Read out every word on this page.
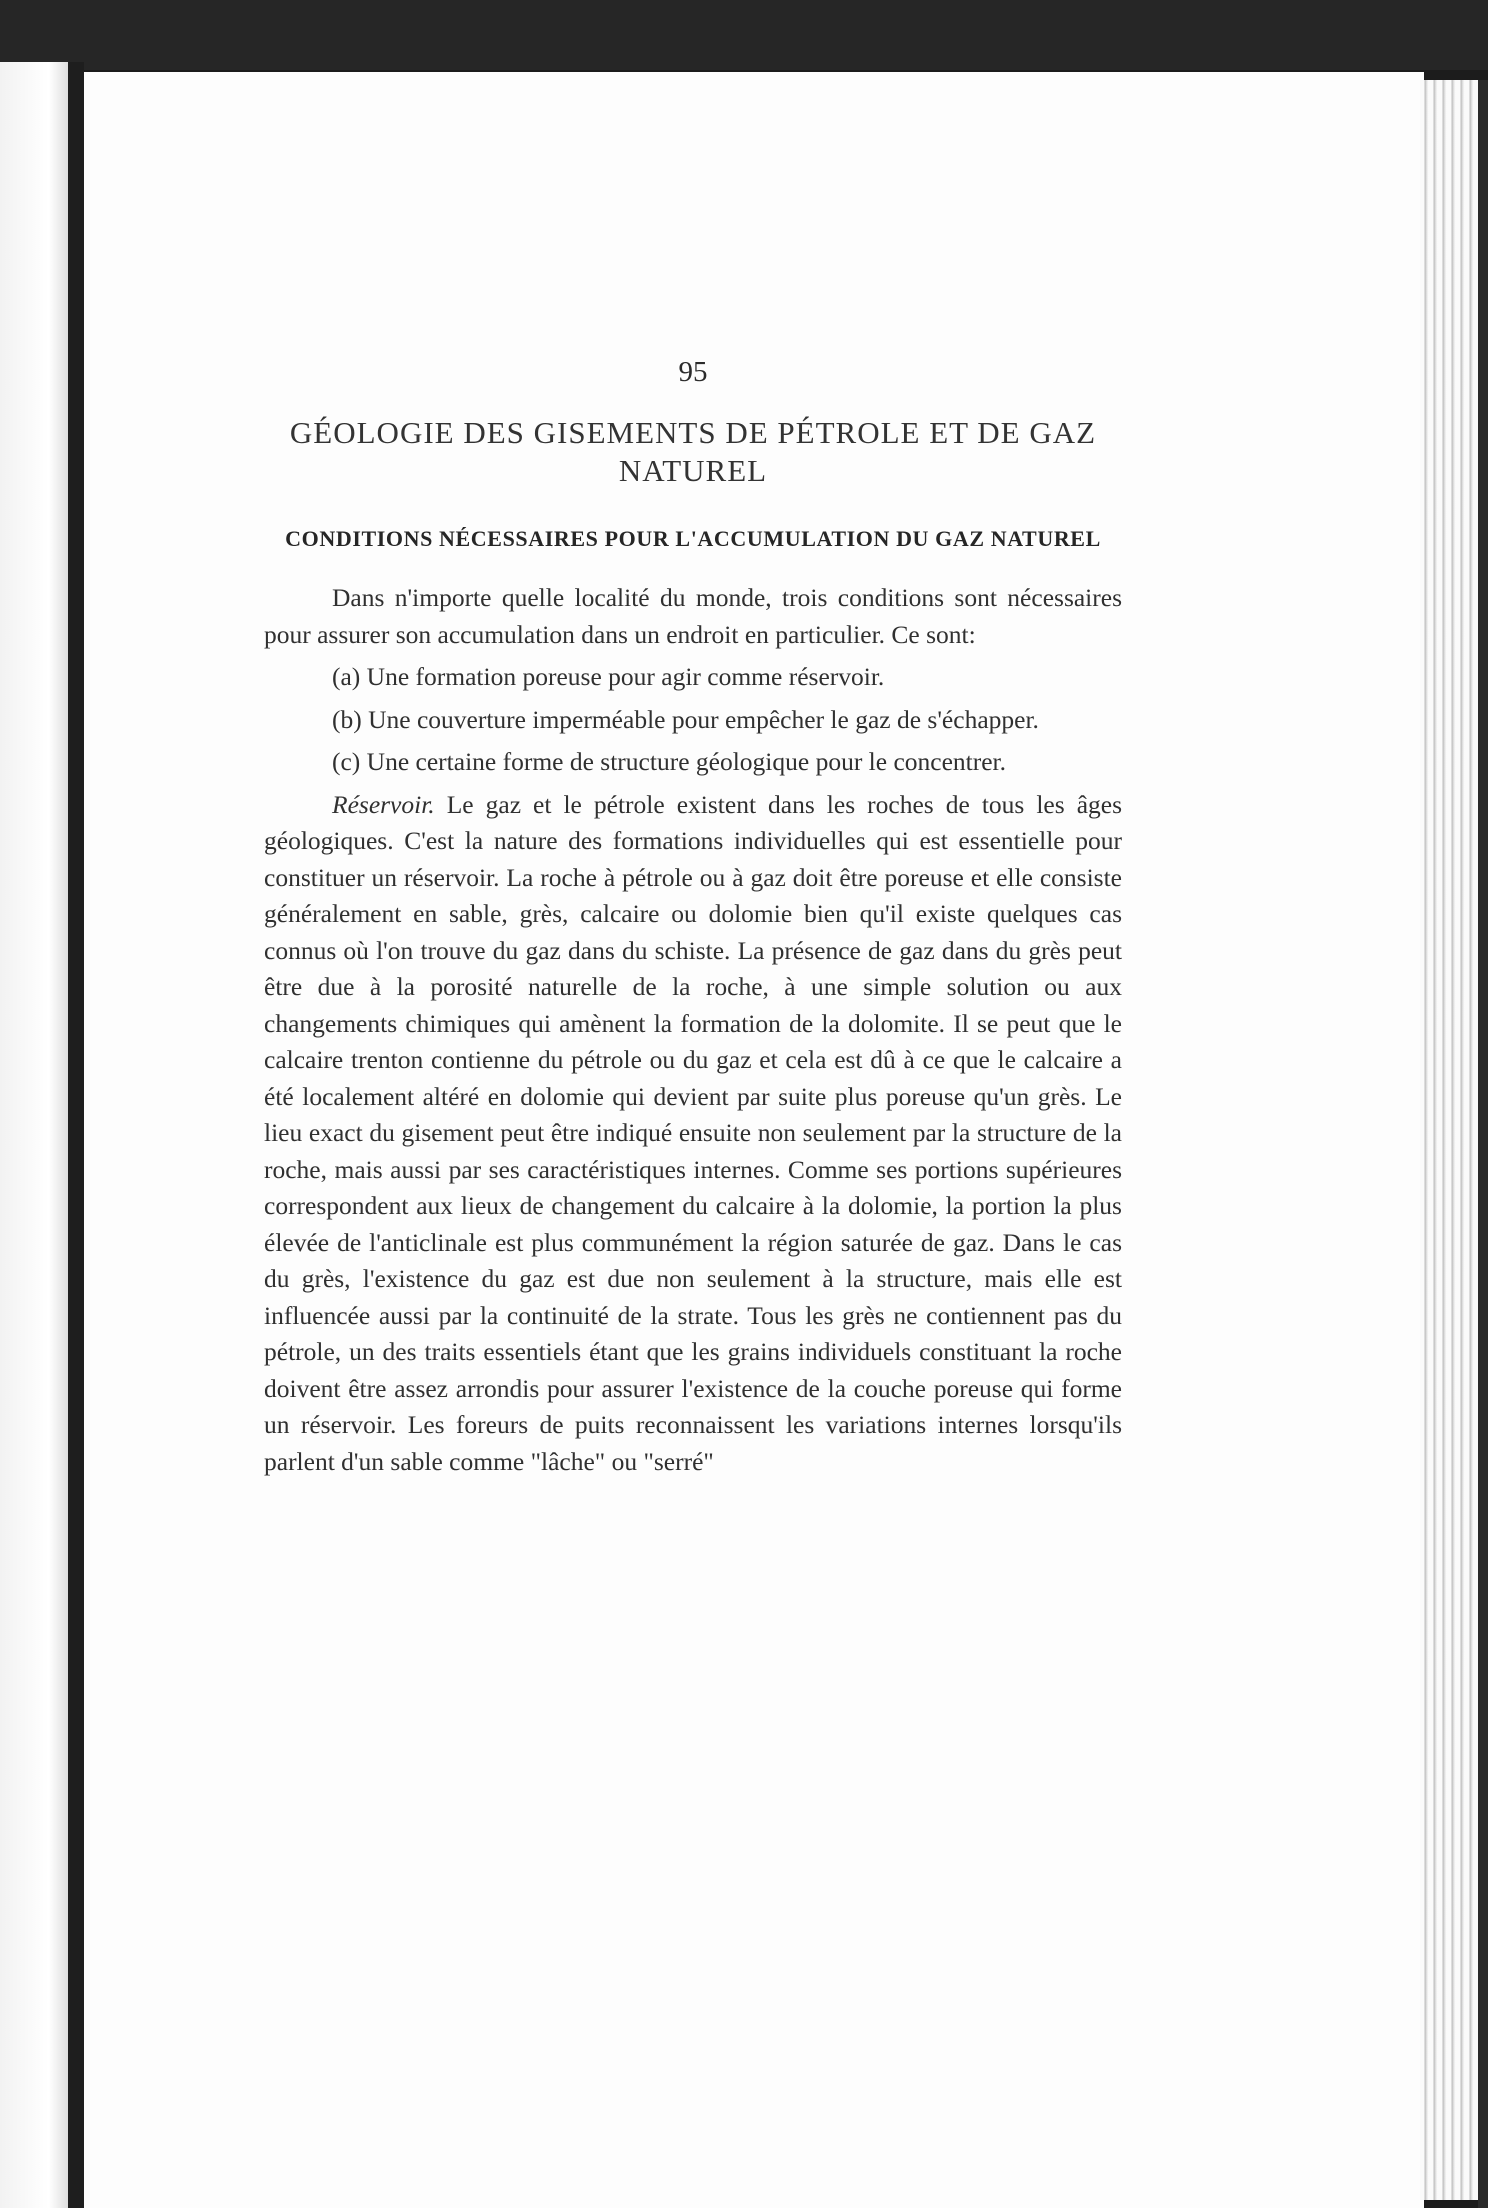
95

GÉOLOGIE DES GISEMENTS DE PÉTROLE ET DE GAZ NATUREL
CONDITIONS NÉCESSAIRES POUR L'ACCUMULATION DU GAZ NATUREL

Dans n'importe quelle localité du monde, trois conditions sont nécessaires pour assurer son accumulation dans un endroit en particulier. Ce sont:

(a) Une formation poreuse pour agir comme réservoir.

(b) Une couverture imperméable pour empêcher le gaz de s'échapper.

(c) Une certaine forme de structure géologique pour le concentrer.

Réservoir. Le gaz et le pétrole existent dans les roches de tous les âges géologiques. C'est la nature des formations individuelles qui est essentielle pour constituer un réservoir. La roche à pétrole ou à gaz doit être poreuse et elle consiste généralement en sable, grès, calcaire ou dolomie bien qu'il existe quelques cas connus où l'on trouve du gaz dans du schiste. La présence de gaz dans du grès peut être due à la porosité naturelle de la roche, à une simple solution ou aux changements chimiques qui amènent la formation de la dolomite. Il se peut que le calcaire trenton contienne du pétrole ou du gaz et cela est dû à ce que le calcaire a été localement altéré en dolomie qui devient par suite plus poreuse qu'un grès. Le lieu exact du gisement peut être indiqué ensuite non seulement par la structure de la roche, mais aussi par ses caractéristiques internes. Comme ses portions supérieures correspondent aux lieux de changement du calcaire à la dolomie, la portion la plus élevée de l'anticlinale est plus communément la région saturée de gaz. Dans le cas du grès, l'existence du gaz est due non seulement à la structure, mais elle est influencée aussi par la continuité de la strate. Tous les grès ne contiennent pas du pétrole, un des traits essentiels étant que les grains individuels constituant la roche doivent être assez arrondis pour assurer l'existence de la couche poreuse qui forme un réservoir. Les foreurs de puits reconnaissent les variations internes lorsqu'ils parlent d'un sable comme "lâche" ou "serré"
